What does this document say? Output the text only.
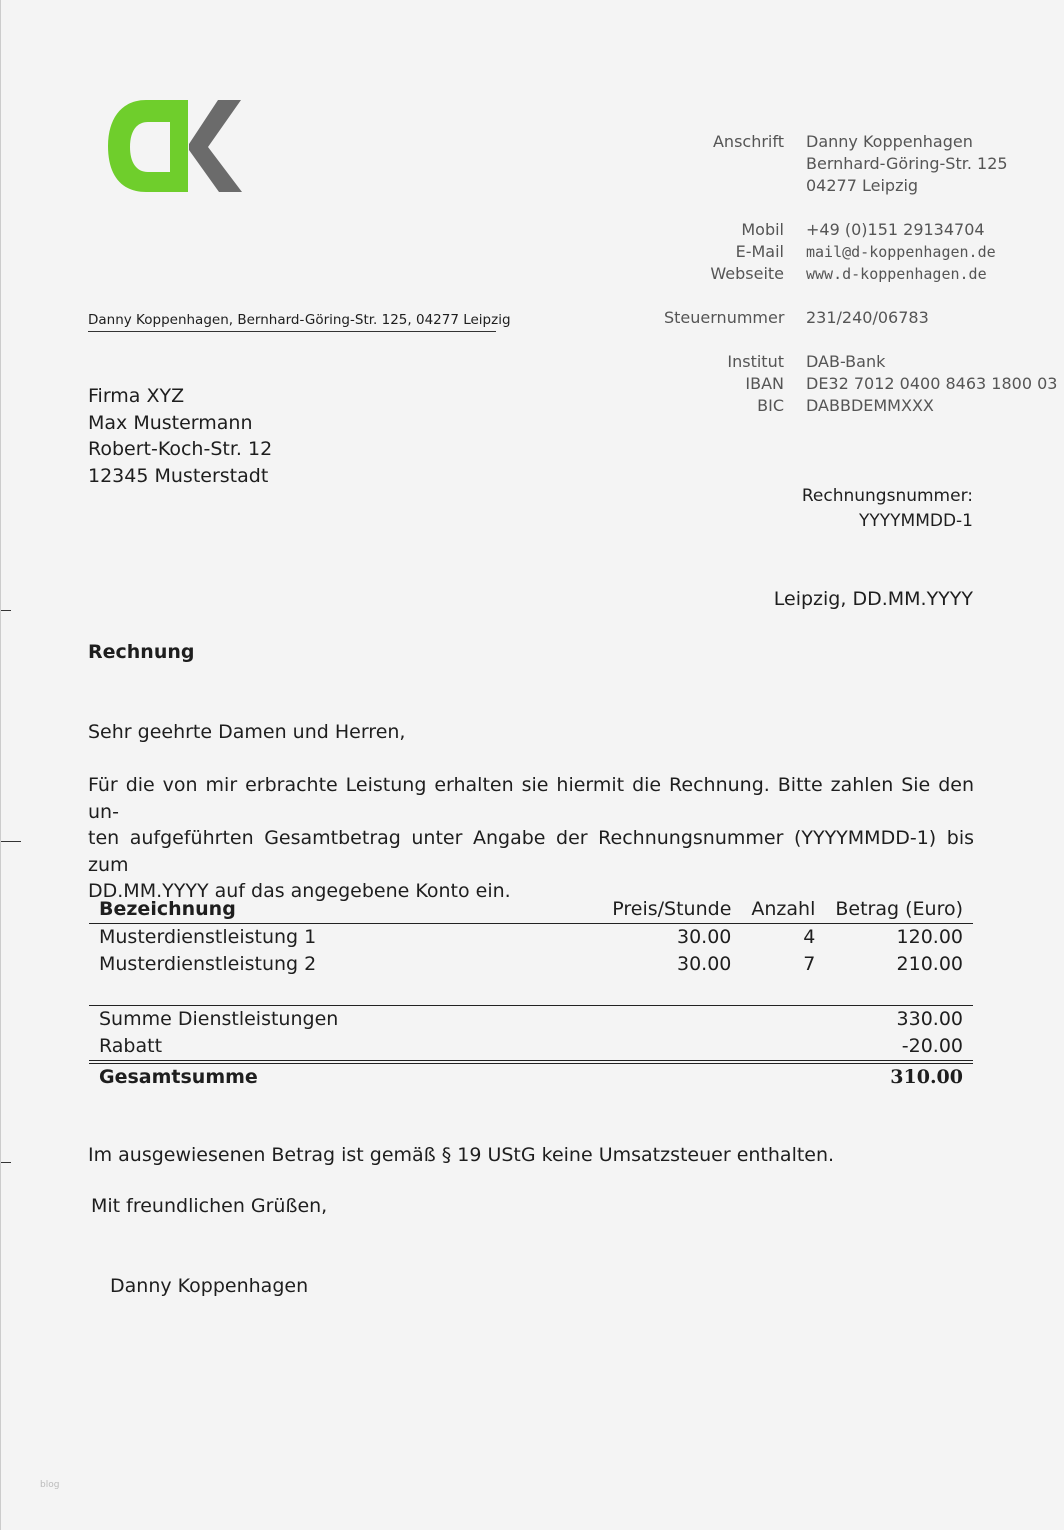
Danny Koppenhagen, Bernhard-Göring-Str. 125, 04277 Leipzig
Anschrift Danny Koppenhagen
Bernhard-Göring-Str. 125
04277 Leipzig
Mobil +49 (0)151 29134704
E-Mail mail@d-koppenhagen.de
Webseite www.d-koppenhagen.de
Steuernummer 231/240/06783
Institut DAB-Bank
IBAN DE32 7012 0400 8463 1800 03
BIC DABBDEMMXXX
Firma XYZ
Max Mustermann
Robert-Koch-Str. 12
12345 Musterstadt
Rechnungsnummer:
YYYYMMDD-1
Leipzig, DD.MM.YYYY
Rechnung
Sehr geehrte Damen und Herren,
Für die von mir erbrachte Leistung erhalten sie hiermit die Rechnung. Bitte zahlen Sie den un-
ten aufgeführten Gesamtbetrag unter Angabe der Rechnungsnummer (YYYYMMDD-1) bis zum
DD.MM.YYYY auf das angegebene Konto ein.
Bezeichnung	Preis/Stunde	Anzahl	Betrag (Euro)
Musterdienstleistung 1	30.00	4	120.00
Musterdienstleistung 2	30.00	7	210.00

Summe Dienstleistungen			330.00
Rabatt			-20.00
Gesamtsumme			310.00
Im ausgewiesenen Betrag ist gemäß § 19 UStG keine Umsatzsteuer enthalten.
Mit freundlichen Grüßen,
Danny Koppenhagen
blog
